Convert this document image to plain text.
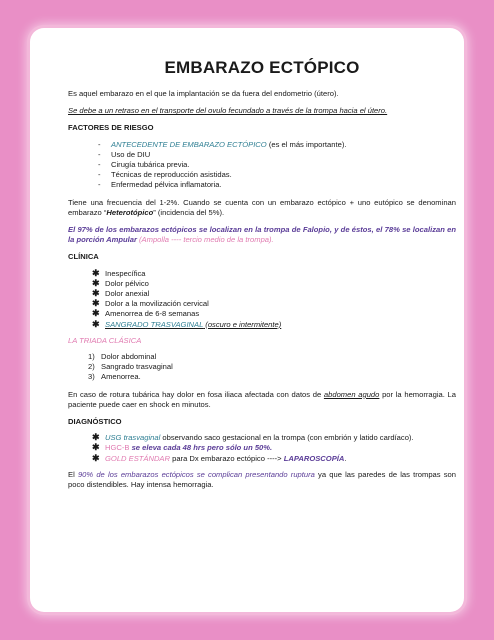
EMBARAZO ECTÓPICO

Es aquel embarazo en el que la implantación se da fuera del endometrio (útero).

Se debe a un retraso en el transporte del ovulo fecundado a través de la trompa hacia el útero.

FACTORES DE RIESGO
- ANTECEDENTE DE EMBARAZO ECTÓPICO (es el más importante).
- Uso de DIU
- Cirugía tubárica previa.
- Técnicas de reproducción asistidas.
- Enfermedad pélvica inflamatoria.

Tiene una frecuencia del 1-2%. Cuando se cuenta con un embarazo ectópico + uno eutópico se denominan embarazo “Heterotópico” (incidencia del 5%).

El 97% de los embarazos ectópicos se localizan en la trompa de Falopio, y de éstos, el 78% se localizan en la porción Ampular (Ampolla ---- tercio medio de la trompa).

CLÍNICA
✱ Inespecífica
✱ Dolor pélvico
✱ Dolor anexial
✱ Dolor a la movilización cervical
✱ Amenorrea de 6-8 semanas
✱ SANGRADO TRASVAGINAL (oscuro e intermitente)
LA TRIADA CLÁSICA
1) Dolor abdominal
2) Sangrado trasvaginal
3) Amenorrea.

En caso de rotura tubárica hay dolor en fosa iliaca afectada con datos de abdomen agudo por la hemorragia. La paciente puede caer en shock en minutos.

DIAGNÓSTICO
✱ USG trasvaginal observando saco gestacional en la trompa (con embrión y latido cardíaco).
✱ HGC-B se eleva cada 48 hrs pero sólo un 50%.
✱ GOLD ESTÁNDAR para Dx embarazo ectópico ----> LAPAROSCOPÍA.

El 90% de los embarazos ectópicos se complican presentando ruptura ya que las paredes de las trompas son poco distendibles. Hay intensa hemorragia.
